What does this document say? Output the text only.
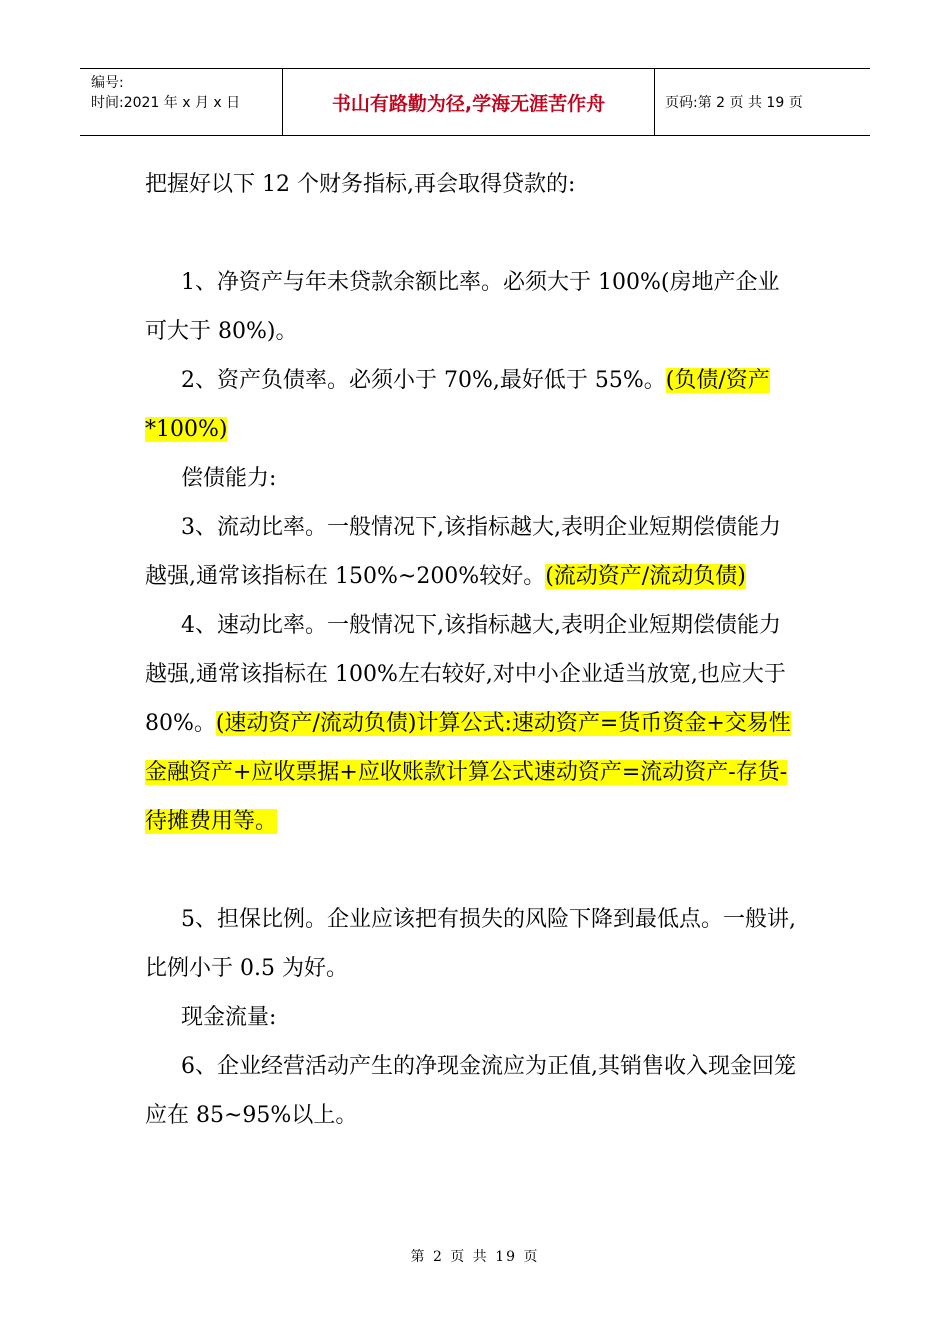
编号:
时间:2021 年 x 月 x 日	书山有路勤为径,学海无涯苦作舟	页码:第 2 页 共 19 页

把握好以下 12 个财务指标,再会取得贷款的:

1、净资产与年未贷款余额比率。必须大于 100%(房地产企业可大于 80%)。

2、资产负债率。必须小于 70%,最好低于 55%。(负债/资产*100%)

偿债能力:

3、流动比率。一般情况下,该指标越大,表明企业短期偿债能力越强,通常该指标在 150%~200%较好。(流动资产/流动负债)

4、速动比率。一般情况下,该指标越大,表明企业短期偿债能力越强,通常该指标在 100%左右较好,对中小企业适当放宽,也应大于 80%。(速动资产/流动负债)计算公式:速动资产=货币资金+交易性金融资产+应收票据+应收账款计算公式速动资产=流动资产-存货-待摊费用等。

5、担保比例。企业应该把有损失的风险下降到最低点。一般讲,比例小于 0.5 为好。

现金流量:

6、企业经营活动产生的净现金流应为正值,其销售收入现金回笼应在 85~95%以上。

第 2 页 共 19 页
